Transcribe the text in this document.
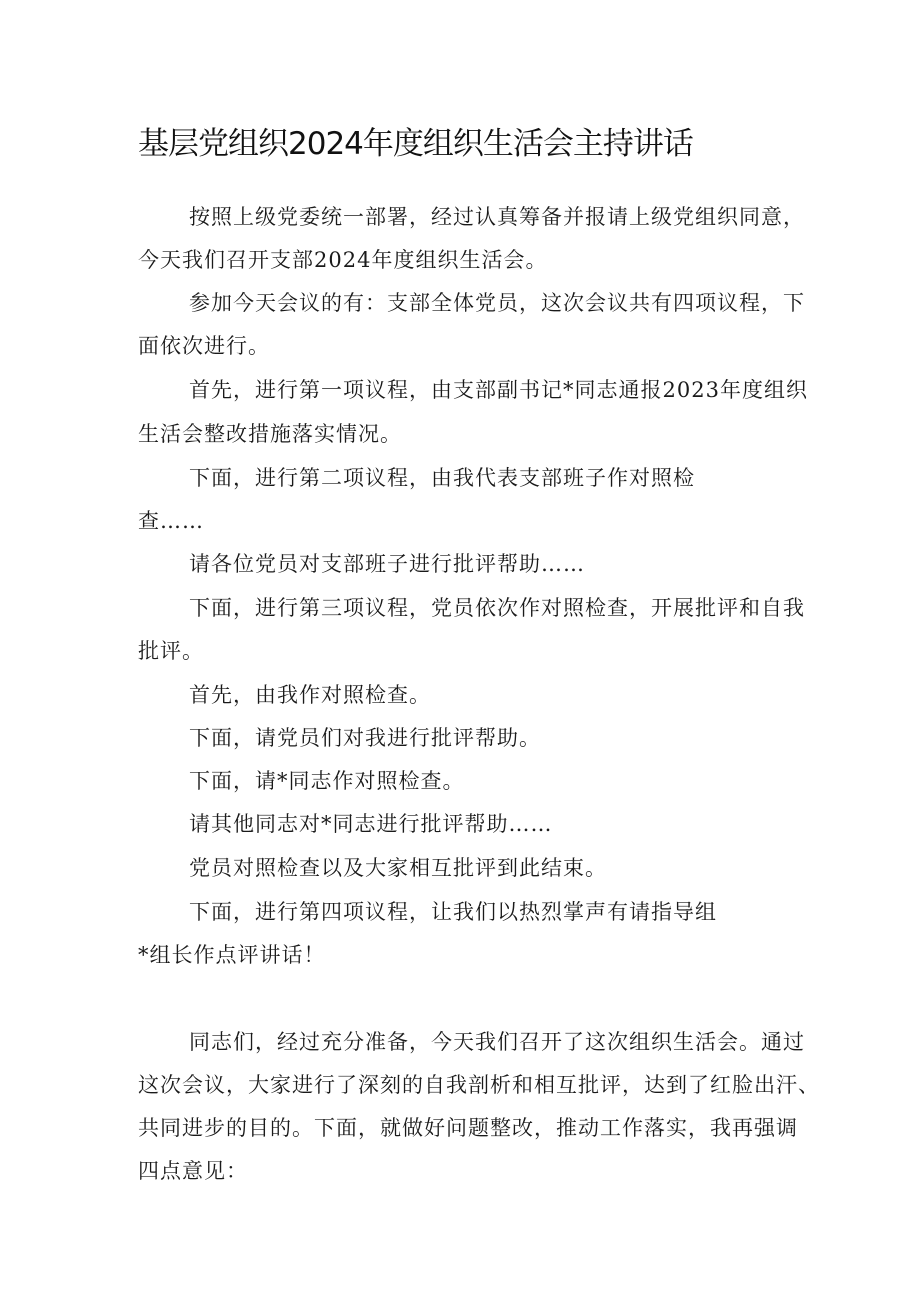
基层党组织2024年度组织生活会主持讲话
按照上级党委统一部署，经过认真筹备并报请上级党组织同意，
今天我们召开支部2024年度组织生活会。
参加今天会议的有：支部全体党员，这次会议共有四项议程，下
面依次进行。
首先，进行第一项议程，由支部副书记*同志通报2023年度组织
生活会整改措施落实情况。
下面，进行第二项议程，由我代表支部班子作对照检
查……
请各位党员对支部班子进行批评帮助……
下面，进行第三项议程，党员依次作对照检查，开展批评和自我
批评。
首先，由我作对照检查。
下面，请党员们对我进行批评帮助。
下面，请*同志作对照检查。
请其他同志对*同志进行批评帮助……
党员对照检查以及大家相互批评到此结束。
下面，进行第四项议程，让我们以热烈掌声有请指导组
*组长作点评讲话！
同志们，经过充分准备，今天我们召开了这次组织生活会。通过
这次会议，大家进行了深刻的自我剖析和相互批评，达到了红脸出汗、
共同进步的目的。下面，就做好问题整改，推动工作落实，我再强调
四点意见：
